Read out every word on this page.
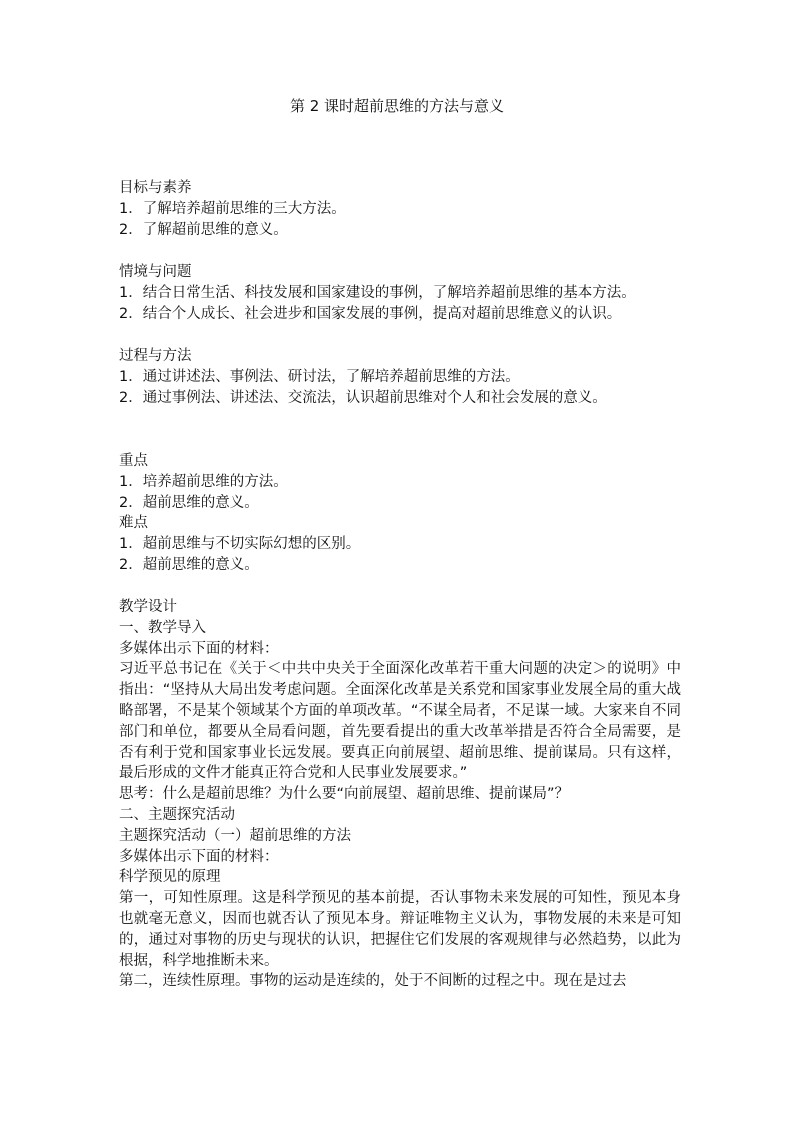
第 2 课时超前思维的方法与意义
目标与素养
1．了解培养超前思维的三大方法。
2．了解超前思维的意义。
情境与问题
1．结合日常生活、科技发展和国家建设的事例，了解培养超前思维的基本方法。
2．结合个人成长、社会进步和国家发展的事例，提高对超前思维意义的认识。
过程与方法
1．通过讲述法、事例法、研讨法，了解培养超前思维的方法。
2．通过事例法、讲述法、交流法，认识超前思维对个人和社会发展的意义。
重点
1．培养超前思维的方法。
2．超前思维的意义。
难点
1．超前思维与不切实际幻想的区别。
2．超前思维的意义。
教学设计
一、教学导入
多媒体出示下面的材料：
习近平总书记在《关于＜中共中央关于全面深化改革若干重大问题的决定＞的说明》中指出：“坚持从大局出发考虑问题。全面深化改革是关系党和国家事业发展全局的重大战略部署，不是某个领域某个方面的单项改革。“不谋全局者，不足谋一域。大家来自不同部门和单位，都要从全局看问题，首先要看提出的重大改革举措是否符合全局需要，是否有利于党和国家事业长远发展。要真正向前展望、超前思维、提前谋局。只有这样，最后形成的文件才能真正符合党和人民事业发展要求。”
思考：什么是超前思维？为什么要“向前展望、超前思维、提前谋局”？
二、主题探究活动
主题探究活动（一）超前思维的方法
多媒体出示下面的材料：
科学预见的原理
第一，可知性原理。这是科学预见的基本前提，否认事物未来发展的可知性，预见本身也就毫无意义，因而也就否认了预见本身。辩证唯物主义认为，事物发展的未来是可知的，通过对事物的历史与现状的认识，把握住它们发展的客观规律与必然趋势，以此为根据，科学地推断未来。
第二，连续性原理。事物的运动是连续的，处于不间断的过程之中。现在是过去
